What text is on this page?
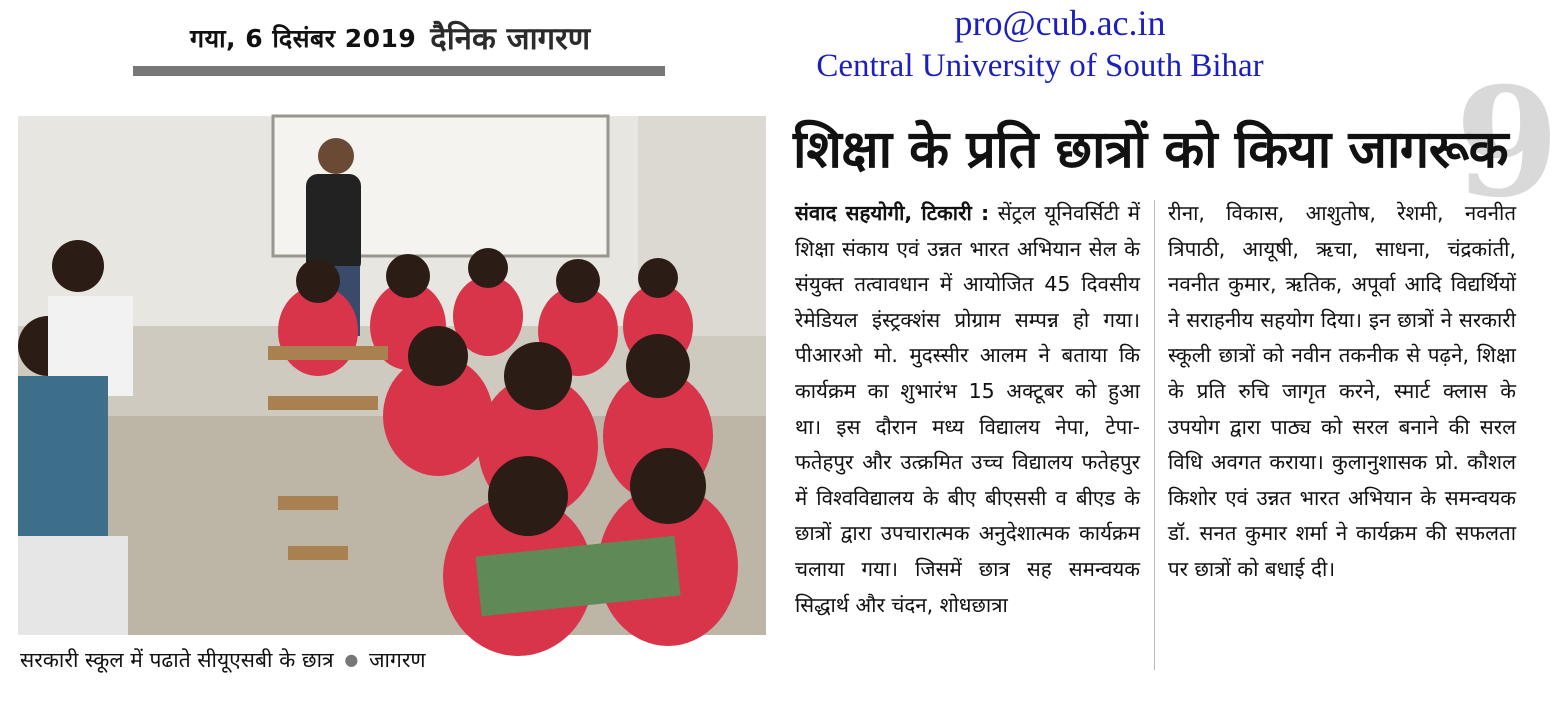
गया, 6 दिसंबर 2019 दैनिक जागरण	pro@cub.ac.in
Central University of South Bihar
सरकारी स्कूल में पढाते सीयूएसबी के छात्र ● जागरण
9
शिक्षा के प्रति छात्रों को किया जागरूक

संवाद सहयोगी, टिकारी : सेंट्रल यूनिवर्सिटी में शिक्षा संकाय एवं उन्नत भारत अभियान सेल के संयुक्त तत्वावधान में आयोजित 45 दिवसीय रेमेडियल इंस्ट्रक्शंस प्रोग्राम सम्पन्न हो गया। पीआरओ मो. मुदस्सीर आलम ने बताया कि कार्यक्रम का शुभारंभ 15 अक्टूबर को हुआ था। इस दौरान मध्य विद्यालय नेपा, टेपा-फतेहपुर और उत्क्रमित उच्च विद्यालय फतेहपुर में विश्वविद्यालय के बीए बीएससी व बीएड के छात्रों द्वारा उपचारात्मक अनुदेशात्मक कार्यक्रम चलाया गया। जिसमें छात्र सह समन्वयक सिद्धार्थ और चंदन, शोधछात्रा

रीना, विकास, आशुतोष, रेशमी, नवनीत त्रिपाठी, आयूषी, ऋचा, साधना, चंद्रकांती, नवनीत कुमार, ऋतिक, अपूर्वा आदि विद्यर्थियों ने सराहनीय सहयोग दिया। इन छात्रों ने सरकारी स्कूली छात्रों को नवीन तकनीक से पढ़ने, शिक्षा के प्रति रुचि जागृत करने, स्मार्ट क्लास के उपयोग द्वारा पाठ्य को सरल बनाने की सरल विधि अवगत कराया। कुलानुशासक प्रो. कौशल किशोर एवं उन्नत भारत अभियान के समन्वयक डॉ. सनत कुमार शर्मा ने कार्यक्रम की सफलता पर छात्रों को बधाई दी।
